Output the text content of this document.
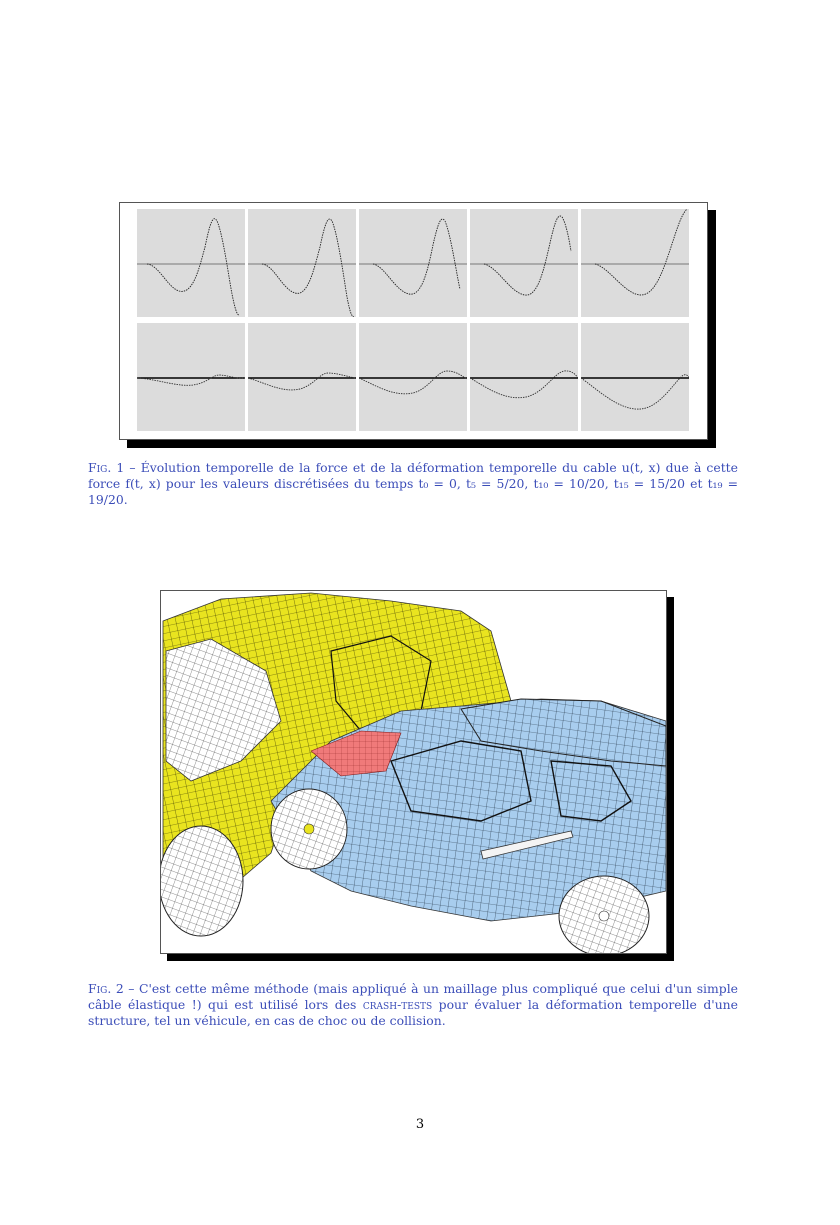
Fig. 1 – Évolution temporelle de la force et de la déformation temporelle du cable u(t, x) due à cette force f(t, x) pour les valeurs discrétisées du temps t₀ = 0, t₅ = 5/20, t₁₀ = 10/20, t₁₅ = 15/20 et t₁₉ = 19/20.
Fig. 2 – C'est cette même méthode (mais appliqué à un maillage plus compliqué que celui d'un simple câble élastique !) qui est utilisé lors des crash-tests pour évaluer la déformation temporelle d'une structure, tel un véhicule, en cas de choc ou de collision.
3
